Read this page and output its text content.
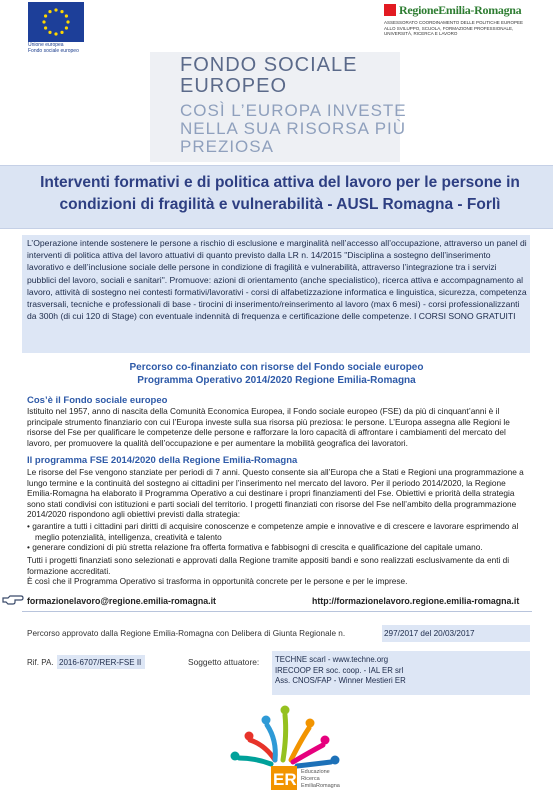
Unione europea
Fondo sociale europeo
RegioneEmilia-Romagna
ASSESSORATO COORDINAMENTO DELLE POLITICHE EUROPEE ALLO SVILUPPO, SCUOLA, FORMAZIONE PROFESSIONALE, UNIVERSITÀ, RICERCA E LAVORO
FONDO SOCIALE EUROPEO
COSÌ L’EUROPA INVESTE NELLA SUA RISORSA PIÙ PREZIOSA
Interventi formativi e di politica attiva del lavoro per le persone in condizioni di fragilità e vulnerabilità - AUSL Romagna - Forlì
L’Operazione intende sostenere le persone a rischio di esclusione e marginalità nell’accesso all’occupazione, attraverso un panel di interventi di politica attiva del lavoro attuativi di quanto previsto dalla LR n. 14/2015 "Disciplina a sostegno dell’inserimento lavorativo e dell’inclusione sociale delle persone in condizione di fragilità e vulnerabilità, attraverso l’integrazione tra i servizi pubblici del lavoro, sociali e sanitari". Promuove: azioni di orientamento (anche specialistico), ricerca attiva e accompagnamento al lavoro, attività di sostegno nei contesti formativi/lavorativi - corsi di alfabetizzazione informatica e linguistica, sicurezza, competenza trasversali, tecniche e professionali di base - tirocini di inserimento/reinserimento al lavoro (max 6 mesi) - corsi professionalizzanti da 300h (di cui 120 di Stage) con eventuale indennità di frequenza e certificazione delle competenze. I CORSI SONO GRATUITI
Percorso co-finanziato con risorse del Fondo sociale europeo
Programma Operativo 2014/2020 Regione Emilia-Romagna
Cos’è il Fondo sociale europeo
Istituito nel 1957, anno di nascita della Comunità Economica Europea, il Fondo sociale europeo (FSE) da più di cinquant’anni è il principale strumento finanziario con cui l’Europa investe sulla sua risorsa più preziosa: le persone. L’Europa assegna alle Regioni le risorse del Fse per qualificare le competenze delle persone e rafforzare la loro capacità di affrontare i cambiamenti del mercato del lavoro, per promuovere la qualità dell’occupazione e per aumentare la mobilità geografica dei lavoratori.
Il programma FSE 2014/2020 della Regione Emilia-Romagna
Le risorse del Fse vengono stanziate per periodi di 7 anni. Questo consente sia all’Europa che a Stati e Regioni una programmazione a lungo termine e la continuità del sostegno ai cittadini per l’inserimento nel mercato del lavoro. Per il periodo 2014/2020, la Regione Emilia-Romagna ha elaborato il Programma Operativo a cui destinare i propri finanziamenti del Fse. Obiettivi e priorità della strategia sono stati condivisi con istituzioni e parti sociali del territorio. I progetti finanziati con risorse del Fse nell’ambito della programmazione 2014/2020 rispondono agli obiettivi previsti dalla strategia:
• garantire a tutti i cittadini pari diritti di acquisire conoscenze e competenze ampie e innovative e di crescere e lavorare esprimendo al meglio potenzialità, intelligenza, creatività e talento
• generare condizioni di più stretta relazione fra offerta formativa e fabbisogni di crescita e qualificazione del capitale umano.
Tutti i progetti finanziati sono selezionati e approvati dalla Regione tramite appositi bandi e sono realizzati esclusivamente da enti di formazione accreditati.
È così che il Programma Operativo si trasforma in opportunità concrete per le persone e per le imprese.
formazionelavoro@regione.emilia-romagna.it	http://formazionelavoro.regione.emilia-romagna.it
Percorso approvato dalla Regione Emilia-Romagna con Delibera di Giunta Regionale n.	297/2017 del 20/03/2017
Rif. PA. 2016-6707/RER-FSE II	Soggetto attuatore: TECHNE scarl - www.techne.org
IRECOOP ER soc. coop. - IAL ER srl
Ass. CNOS/FAP - Winner Mestieri ER
ER Educazione
Ricerca
EmiliaRomagna
